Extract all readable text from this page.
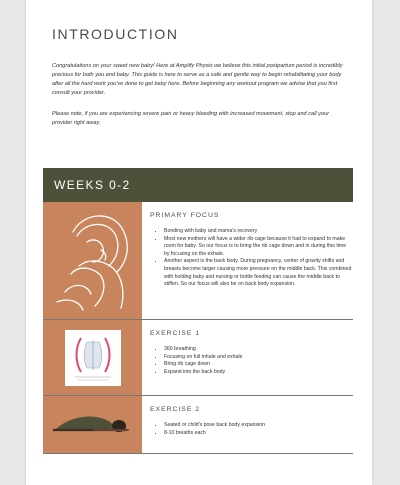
INTRODUCTION

Congratulations on your sweet new baby! Here at Amplify Physio we believe this initial postpartum period is incredibly precious for both you and baby. This guide is here to serve as a safe and gentle way to begin rehabilitating your body after all the hard work you've done to get baby here. Before beginning any workout program we advise that you first consult your provider.

Please note, if you are experiencing severe pain or heavy bleeding with increased movement, stop and call your provider right away.

WEEKS 0-2
PRIMARY FOCUS
• Bonding with baby and mama's recovery
• Most new mothers will have a wider rib cage because it had to expand to make room for baby. So our focus is to bring the rib cage down and in during this time by focusing on the exhale.
• Another aspect is the back body. During pregnancy, center of gravity shifts and breasts become larger causing more pressure on the middle back. This combined with holding baby and nursing or bottle feeding can cause the middle back to stiffen. So our focus will also be on back body expansion.
EXERCISE 1
• 360 breathing
• Focusing on full inhale and exhale
• Bring rib cage down
• Expand into the back body
EXERCISE 2
• Seated or child's pose back body expansion
• 8-10 breaths each
